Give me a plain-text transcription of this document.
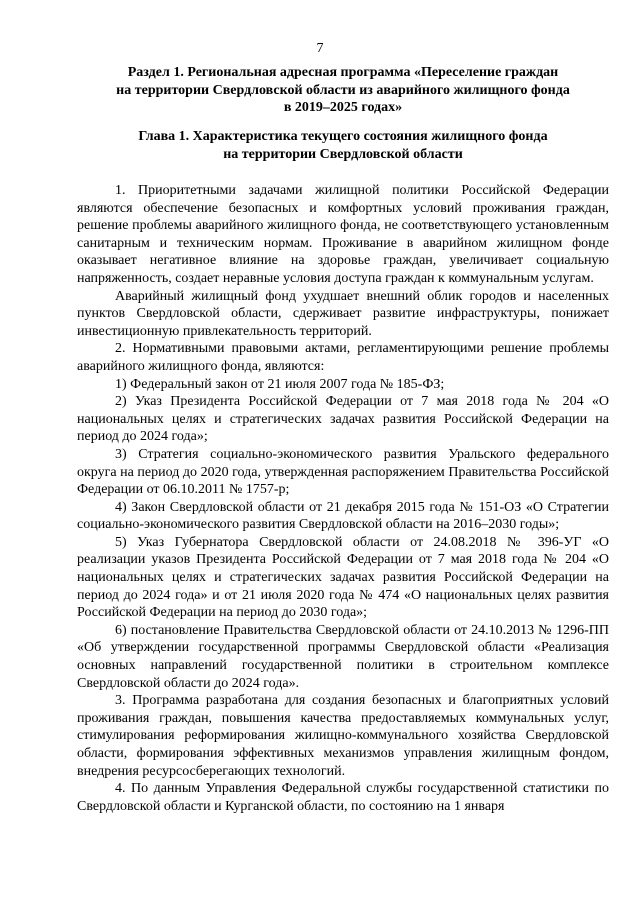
7
Раздел 1. Региональная адресная программа «Переселение граждан
на территории Свердловской области из аварийного жилищного фонда
в 2019–2025 годах»
Глава 1. Характеристика текущего состояния жилищного фонда
на территории Свердловской области

1. Приоритетными задачами жилищной политики Российской Федерации являются обеспечение безопасных и комфортных условий проживания граждан, решение проблемы аварийного жилищного фонда, не соответствующего установленным санитарным и техническим нормам. Проживание в аварийном жилищном фонде оказывает негативное влияние на здоровье граждан, увеличивает социальную напряженность, создает неравные условия доступа граждан к коммунальным услугам.

Аварийный жилищный фонд ухудшает внешний облик городов и населенных пунктов Свердловской области, сдерживает развитие инфраструктуры, понижает инвестиционную привлекательность территорий.

2. Нормативными правовыми актами, регламентирующими решение проблемы аварийного жилищного фонда, являются:

1) Федеральный закон от 21 июля 2007 года № 185-ФЗ;

2) Указ Президента Российской Федерации от 7 мая 2018 года № 204 «О национальных целях и стратегических задачах развития Российской Федерации на период до 2024 года»;

3) Стратегия социально-экономического развития Уральского федерального округа на период до 2020 года, утвержденная распоряжением Правительства Российской Федерации от 06.10.2011 № 1757-р;

4) Закон Свердловской области от 21 декабря 2015 года № 151-ОЗ «О Стратегии социально-экономического развития Свердловской области на 2016–2030 годы»;

5) Указ Губернатора Свердловской области от 24.08.2018 № 396-УГ «О реализации указов Президента Российской Федерации от 7 мая 2018 года № 204 «О национальных целях и стратегических задачах развития Российской Федерации на период до 2024 года» и от 21 июля 2020 года № 474 «О национальных целях развития Российской Федерации на период до 2030 года»;

6) постановление Правительства Свердловской области от 24.10.2013 № 1296-ПП «Об утверждении государственной программы Свердловской области «Реализация основных направлений государственной политики в строительном комплексе Свердловской области до 2024 года».

3. Программа разработана для создания безопасных и благоприятных условий проживания граждан, повышения качества предоставляемых коммунальных услуг, стимулирования реформирования жилищно-коммунального хозяйства Свердловской области, формирования эффективных механизмов управления жилищным фондом, внедрения ресурсосберегающих технологий.

4. По данным Управления Федеральной службы государственной статистики по Свердловской области и Курганской области, по состоянию на 1 января
